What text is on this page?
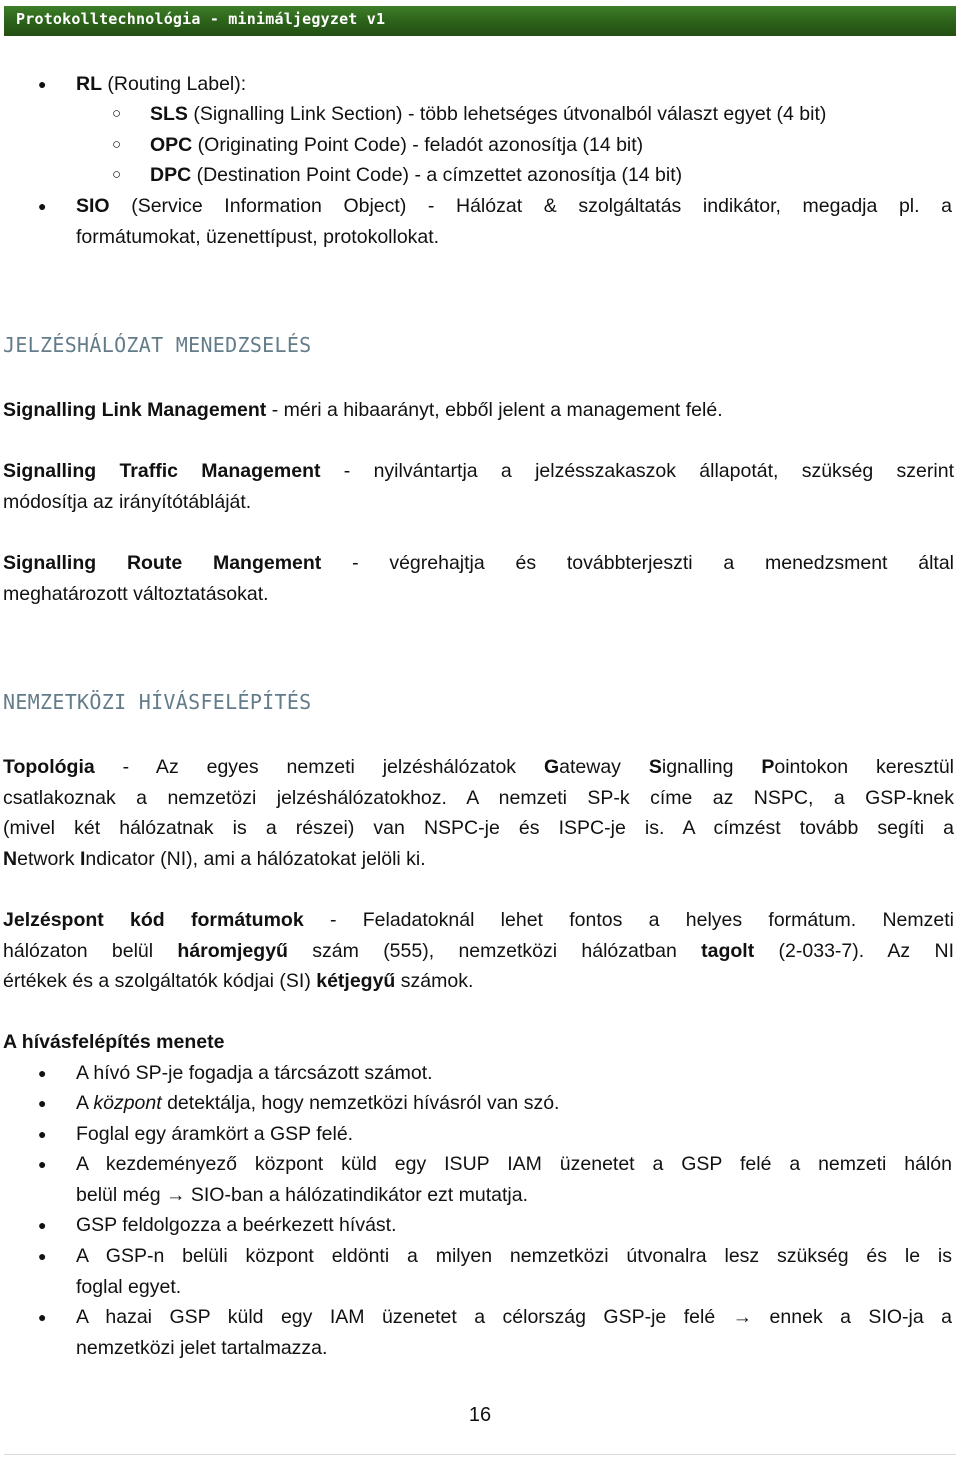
Protokolltechnológia - minimáljegyzet v1
● RL (Routing Label):
○ SLS (Signalling Link Section) - több lehetséges útvonalból választ egyet (4 bit)
○ OPC (Originating Point Code) - feladót azonosítja (14 bit)
○ DPC (Destination Point Code) - a címzettet azonosítja (14 bit)
● SIO (Service Information Object) - Hálózat & szolgáltatás indikátor, megadja pl. a
formátumokat, üzenettípust, protokollokat.
JELZÉSHÁLÓZAT MENEDZSELÉS
Signalling Link Management - méri a hibaarányt, ebből jelent a management felé.
Signalling Traffic Management - nyilvántartja a jelzésszakaszok állapotát, szükség szerint
módosítja az irányítótábláját.
Signalling Route Mangement - végrehajtja és továbbterjeszti a menedzsment által
meghatározott változtatásokat.
NEMZETKÖZI HÍVÁSFELÉPÍTÉS
Topológia - Az egyes nemzeti jelzéshálózatok Gateway Signalling Pointokon keresztül
csatlakoznak a nemzetözi jelzéshálózatokhoz. A nemzeti SP-k címe az NSPC, a GSP-knek
(mivel két hálózatnak is a részei) van NSPC-je és ISPC-je is. A címzést tovább segíti a
Network Indicator (NI), ami a hálózatokat jelöli ki.
Jelzéspont kód formátumok - Feladatoknál lehet fontos a helyes formátum. Nemzeti
hálózaton belül háromjegyű szám (555), nemzetközi hálózatban tagolt (2-033-7). Az NI
értékek és a szolgáltatók kódjai (SI) kétjegyű számok.
A hívásfelépítés menete
● A hívó SP-je fogadja a tárcsázott számot.
● A központ detektálja, hogy nemzetközi hívásról van szó.
● Foglal egy áramkört a GSP felé.
● A kezdeményező központ küld egy ISUP IAM üzenetet a GSP felé a nemzeti hálón
belül még → SIO-ban a hálózatindikátor ezt mutatja.
● GSP feldolgozza a beérkezett hívást.
● A GSP-n belüli központ eldönti a milyen nemzetközi útvonalra lesz szükség és le is
foglal egyet.
● A hazai GSP küld egy IAM üzenetet a célország GSP-je felé → ennek a SIO-ja a
nemzetközi jelet tartalmazza.
16
